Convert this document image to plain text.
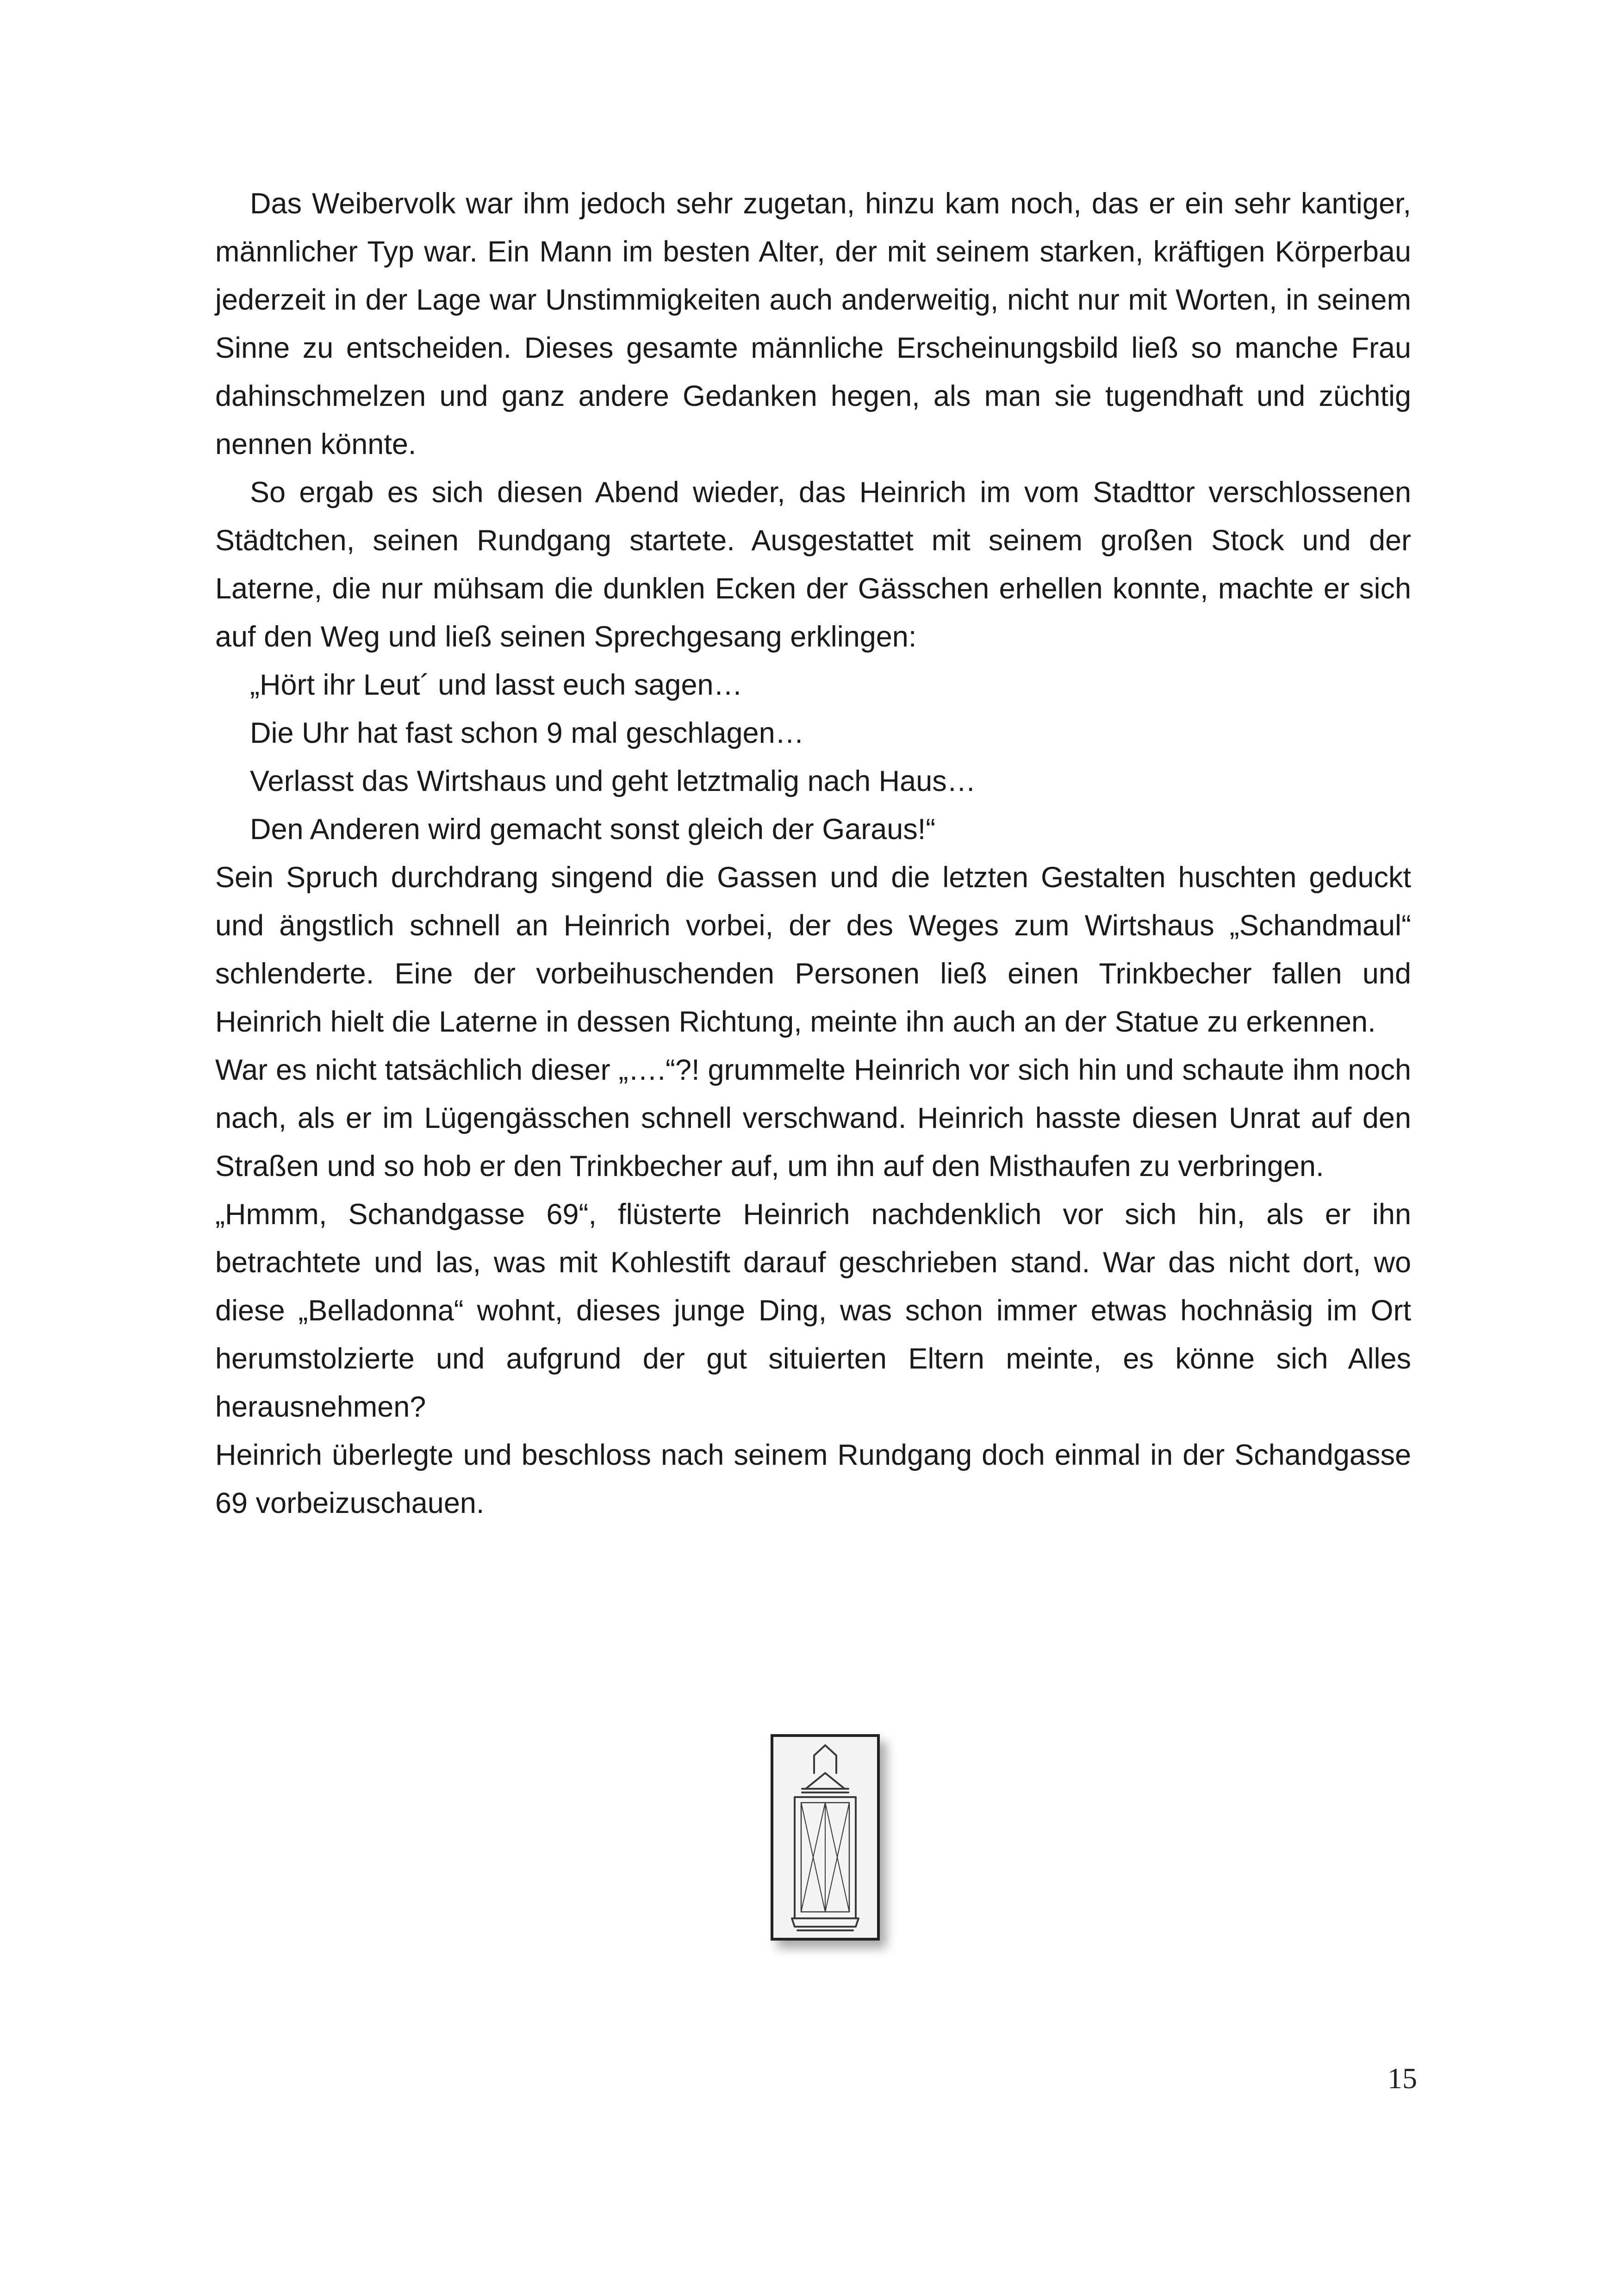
Das Weibervolk war ihm jedoch sehr zugetan, hinzu kam noch, das er ein sehr kantiger, männlicher Typ war. Ein Mann im besten Alter, der mit seinem starken, kräftigen Körperbau jederzeit in der Lage war Unstimmigkeiten auch anderweitig, nicht nur mit Worten, in seinem Sinne zu entscheiden. Dieses gesamte männliche Erscheinungsbild ließ so manche Frau dahinschmelzen und ganz andere Gedanken hegen, als man sie tugendhaft und züchtig nennen könnte.

So ergab es sich diesen Abend wieder, das Heinrich im vom Stadttor verschlossenen Städtchen, seinen Rundgang startete. Ausgestattet mit seinem großen Stock und der Laterne, die nur mühsam die dunklen Ecken der Gässchen erhellen konnte, machte er sich auf den Weg und ließ seinen Sprechgesang erklingen:

„Hört ihr Leut´ und lasst euch sagen…

Die Uhr hat fast schon 9 mal geschlagen…

Verlasst das Wirtshaus und geht letztmalig nach Haus…

Den Anderen wird gemacht sonst gleich der Garaus!“

Sein Spruch durchdrang singend die Gassen und die letzten Gestalten huschten geduckt und ängstlich schnell an Heinrich vorbei, der des Weges zum Wirtshaus „Schandmaul“ schlenderte. Eine der vorbeihuschenden Personen ließ einen Trinkbecher fallen und Heinrich hielt die Laterne in dessen Richtung, meinte ihn auch an der Statue zu erkennen.

War es nicht tatsächlich dieser „….“?! grummelte Heinrich vor sich hin und schaute ihm noch nach, als er im Lügengässchen schnell verschwand. Heinrich hasste diesen Unrat auf den Straßen und so hob er den Trinkbecher auf, um ihn auf den Misthaufen zu verbringen.

„Hmmm, Schandgasse 69“, flüsterte Heinrich nachdenklich vor sich hin, als er ihn betrachtete und las, was mit Kohlestift darauf geschrieben stand. War das nicht dort, wo diese „Belladonna“ wohnt, dieses junge Ding, was schon immer etwas hochnäsig im Ort herumstolzierte und aufgrund der gut situierten Eltern meinte, es könne sich Alles herausnehmen?

Heinrich überlegte und beschloss nach seinem Rundgang doch einmal in der Schandgasse 69 vorbeizuschauen.

15
